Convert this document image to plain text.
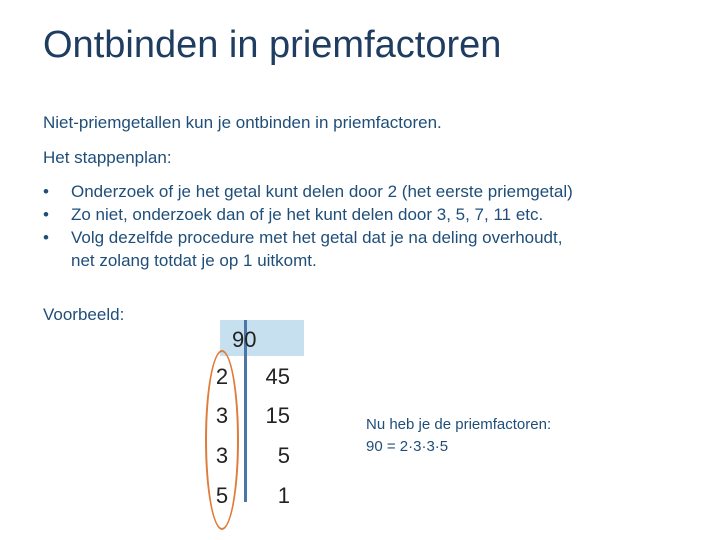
Ontbinden in priemfactoren
Niet-priemgetallen kun je ontbinden in priemfactoren.
Het stappenplan:
• Onderzoek of je het getal kunt delen door 2 (het eerste priemgetal)
• Zo niet, onderzoek dan of je het kunt delen door 3, 5, 7, 11 etc.
• Volg dezelfde procedure met het getal dat je na deling overhoudt,
net zolang totdat je op 1 uitkomt.
Voorbeeld:
90
2	45
3	15
3	5
5	1
Nu heb je de priemfactoren:
90 = 2·3·3·5
